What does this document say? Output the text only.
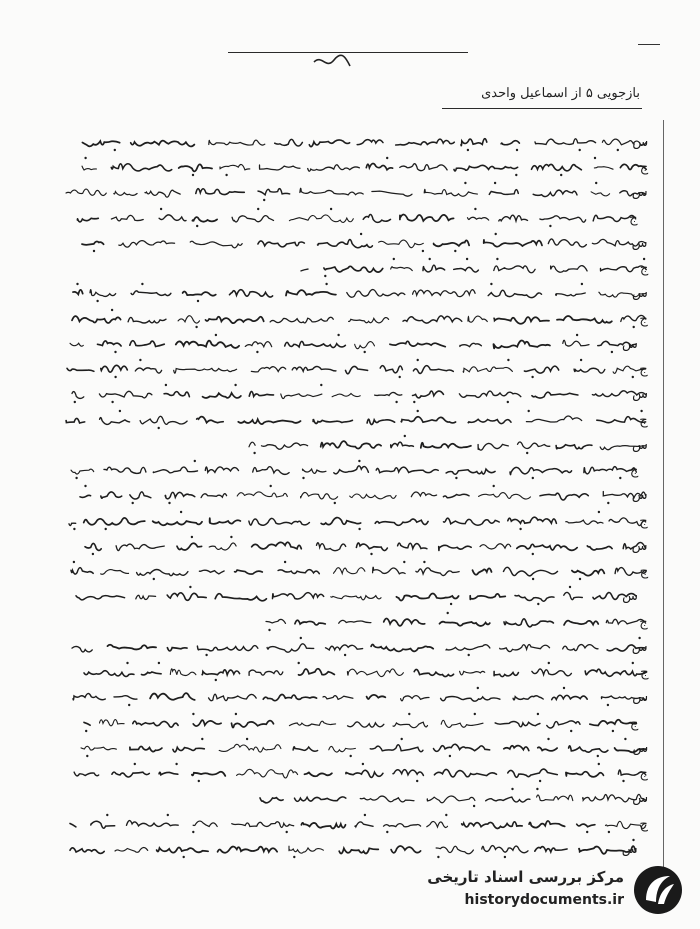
بازجویی ۵ از اسماعیل واحدی
س
ج
س
ج
س
ج
س
ج
س
ج
س
ج
س
ج
س
ج
س
ج
س
ج
س
ج
س
ج
س
ج
س
ج
س
مرکز بررسی اسناد تاریخی
historydocuments.ir
